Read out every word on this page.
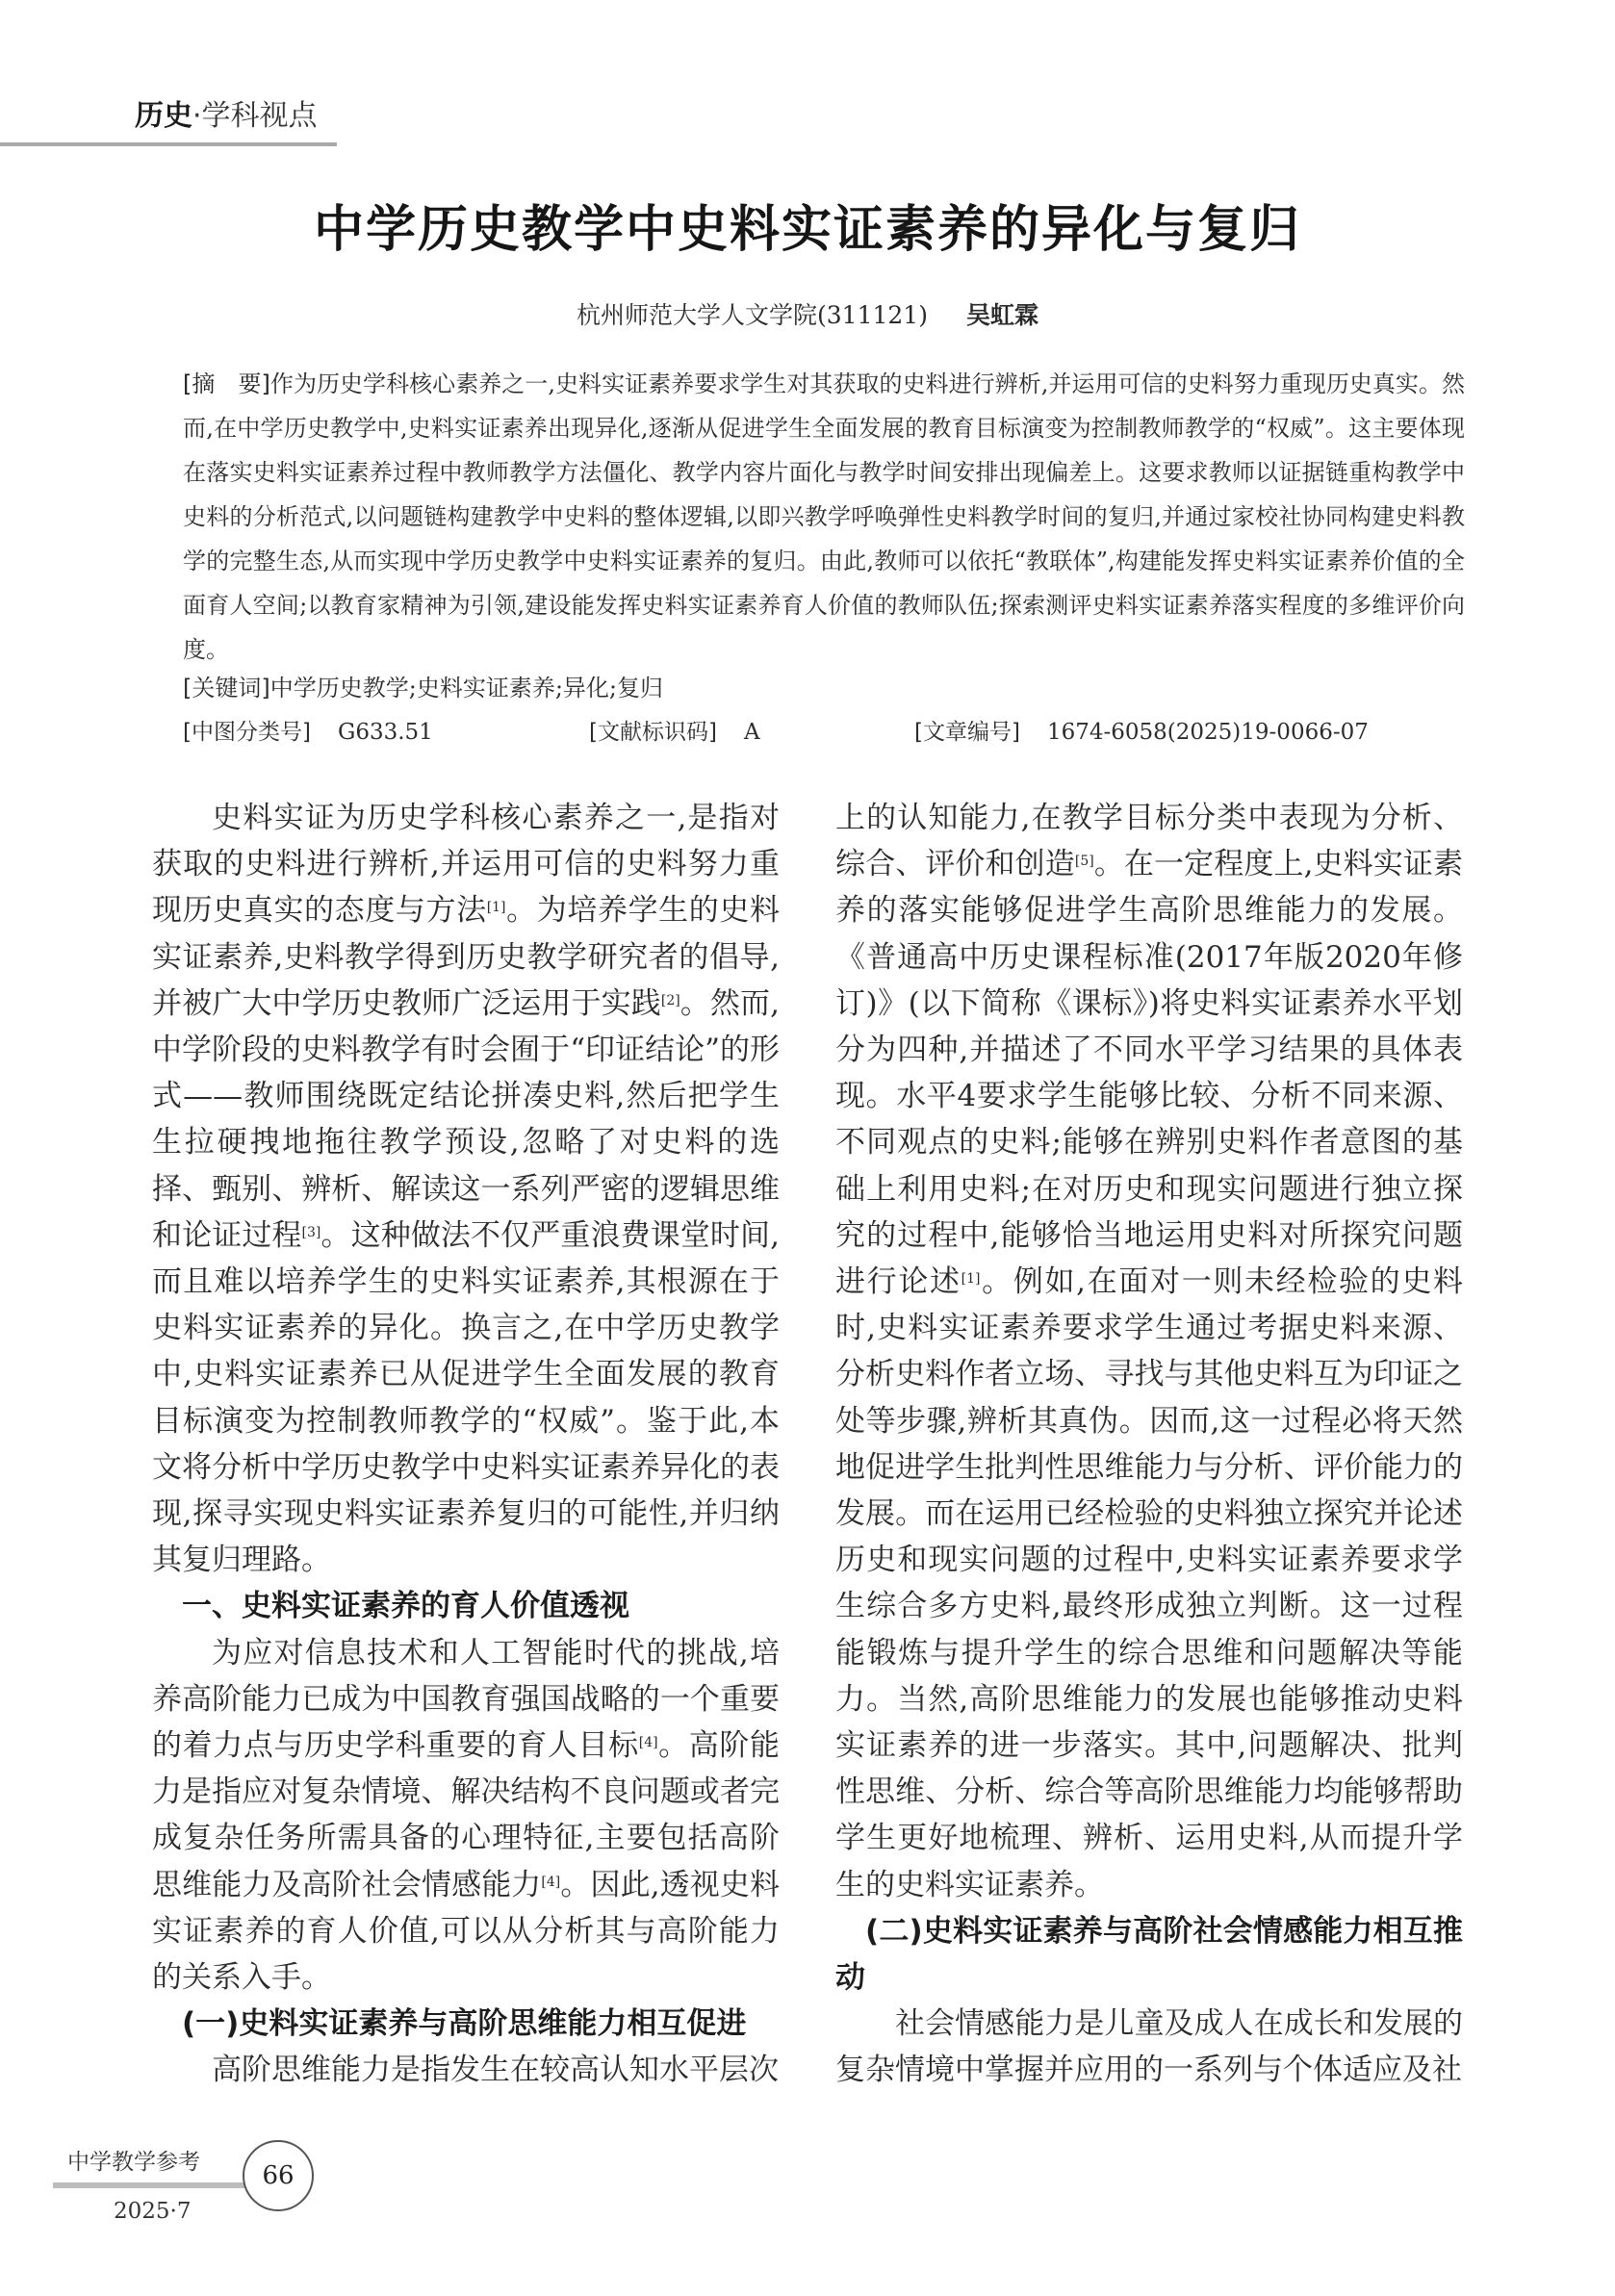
历史·学科视点
中学历史教学中史料实证素养的异化与复归
杭州师范大学人文学院(311121) 吴虹霖

[摘　要]作为历史学科核心素养之一,史料实证素养要求学生对其获取的史料进行辨析,并运用可信的史料努力重现历史真实。然而,在中学历史教学中,史料实证素养出现异化,逐渐从促进学生全面发展的教育目标演变为控制教师教学的“权威”。这主要体现在落实史料实证素养过程中教师教学方法僵化、教学内容片面化与教学时间安排出现偏差上。这要求教师以证据链重构教学中史料的分析范式,以问题链构建教学中史料的整体逻辑,以即兴教学呼唤弹性史料教学时间的复归,并通过家校社协同构建史料教学的完整生态,从而实现中学历史教学中史料实证素养的复归。由此,教师可以依托“教联体”,构建能发挥史料实证素养价值的全面育人空间;以教育家精神为引领,建设能发挥史料实证素养育人价值的教师队伍;探索测评史料实证素养落实程度的多维评价向度。

[关键词]中学历史教学;史料实证素养;异化;复归
[中图分类号] G633.51	[文献标识码] A	[文章编号] 1674-6058(2025)19-0066-07

史料实证为历史学科核心素养之一,是指对获取的史料进行辨析,并运用可信的史料努力重现历史真实的态度与方法[1]。为培养学生的史料实证素养,史料教学得到历史教学研究者的倡导,并被广大中学历史教师广泛运用于实践[2]。然而,中学阶段的史料教学有时会囿于“印证结论”的形式——教师围绕既定结论拼凑史料,然后把学生生拉硬拽地拖往教学预设,忽略了对史料的选择、甄别、辨析、解读这一系列严密的逻辑思维和论证过程[3]。这种做法不仅严重浪费课堂时间,而且难以培养学生的史料实证素养,其根源在于史料实证素养的异化。换言之,在中学历史教学中,史料实证素养已从促进学生全面发展的教育目标演变为控制教师教学的“权威”。鉴于此,本文将分析中学历史教学中史料实证素养异化的表现,探寻实现史料实证素养复归的可能性,并归纳其复归理路。

一、史料实证素养的育人价值透视

为应对信息技术和人工智能时代的挑战,培养高阶能力已成为中国教育强国战略的一个重要的着力点与历史学科重要的育人目标[4]。高阶能力是指应对复杂情境、解决结构不良问题或者完成复杂任务所需具备的心理特征,主要包括高阶思维能力及高阶社会情感能力[4]。因此,透视史料实证素养的育人价值,可以从分析其与高阶能力的关系入手。

(一)史料实证素养与高阶思维能力相互促进

高阶思维能力是指发生在较高认知水平层次

上的认知能力,在教学目标分类中表现为分析、综合、评价和创造[5]。在一定程度上,史料实证素养的落实能够促进学生高阶思维能力的发展。《普通高中历史课程标准(2017年版2020年修订)》(以下简称《课标》)将史料实证素养水平划分为四种,并描述了不同水平学习结果的具体表现。水平4要求学生能够比较、分析不同来源、不同观点的史料;能够在辨别史料作者意图的基础上利用史料;在对历史和现实问题进行独立探究的过程中,能够恰当地运用史料对所探究问题进行论述[1]。例如,在面对一则未经检验的史料时,史料实证素养要求学生通过考据史料来源、分析史料作者立场、寻找与其他史料互为印证之处等步骤,辨析其真伪。因而,这一过程必将天然地促进学生批判性思维能力与分析、评价能力的发展。而在运用已经检验的史料独立探究并论述历史和现实问题的过程中,史料实证素养要求学生综合多方史料,最终形成独立判断。这一过程能锻炼与提升学生的综合思维和问题解决等能力。当然,高阶思维能力的发展也能够推动史料实证素养的进一步落实。其中,问题解决、批判性思维、分析、综合等高阶思维能力均能够帮助学生更好地梳理、辨析、运用史料,从而提升学生的史料实证素养。

(二)史料实证素养与高阶社会情感能力相互推动

社会情感能力是儿童及成人在成长和发展的复杂情境中掌握并应用的一系列与个体适应及社

中学教学参考
2025·7
66
